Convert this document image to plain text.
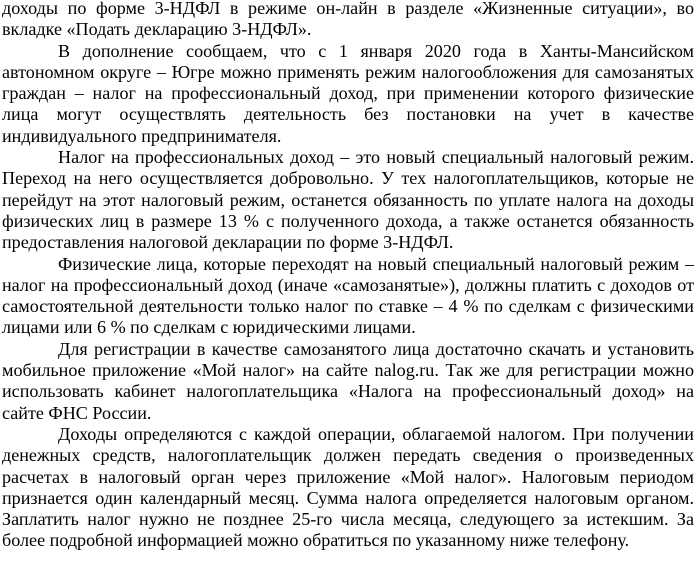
доходы по форме 3-НДФЛ в режиме он-лайн в разделе «Жизненные ситуации», во вкладке «Подать декларацию 3-НДФЛ».

В дополнение сообщаем, что с 1 января 2020 года в Ханты-Мансийском автономном округе – Югре можно применять режим налогообложения для самозанятых граждан – налог на профессиональный доход, при применении которого физические лица могут осуществлять деятельность без постановки на учет в качестве индивидуального предпринимателя.

Налог на профессиональных доход – это новый специальный налоговый режим. Переход на него осуществляется добровольно. У тех налогоплательщиков, которые не перейдут на этот налоговый режим, останется обязанность по уплате налога на доходы физических лиц в размере 13 % с полученного дохода, а также останется обязанность предоставления налоговой декларации по форме 3-НДФЛ.

Физические лица, которые переходят на новый специальный налоговый режим – налог на профессиональный доход (иначе «самозанятые»), должны платить с доходов от самостоятельной деятельности только налог по ставке – 4 % по сделкам с физическими лицами или 6 % по сделкам с юридическими лицами.

Для регистрации в качестве самозанятого лица достаточно скачать и установить мобильное приложение «Мой налог» на сайте nalog.ru. Так же для регистрации можно использовать кабинет налогоплательщика «Налога на профессиональный доход» на сайте ФНС России.

Доходы определяются с каждой операции, облагаемой налогом. При получении денежных средств, налогоплательщик должен передать сведения о произведенных расчетах в налоговый орган через приложение «Мой налог». Налоговым периодом признается один календарный месяц. Сумма налога определяется налоговым органом. Заплатить налог нужно не позднее 25-го числа месяца, следующего за истекшим. За более подробной информацией можно обратиться по указанному ниже телефону.
